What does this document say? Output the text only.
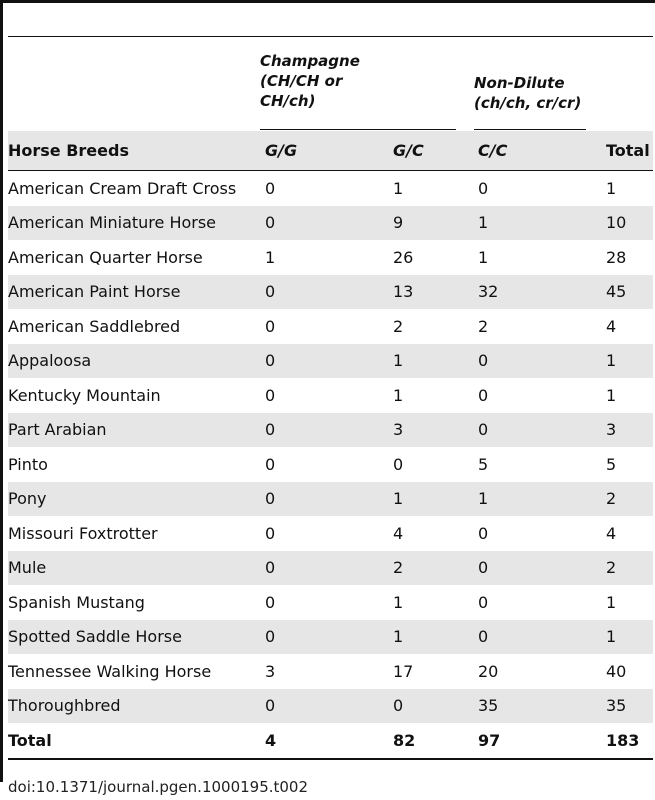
Champagne
(CH/CH or
CH/ch)
Non-Dilute
(ch/ch, cr/cr)
Horse Breeds	G/G	G/C	C/C	Total
American Cream Draft Cross	0	1	0	1
American Miniature Horse	0	9	1	10
American Quarter Horse	1	26	1	28
American Paint Horse	0	13	32	45
American Saddlebred	0	2	2	4
Appaloosa	0	1	0	1
Kentucky Mountain	0	1	0	1
Part Arabian	0	3	0	3
Pinto	0	0	5	5
Pony	0	1	1	2
Missouri Foxtrotter	0	4	0	4
Mule	0	2	0	2
Spanish Mustang	0	1	0	1
Spotted Saddle Horse	0	1	0	1
Tennessee Walking Horse	3	17	20	40
Thoroughbred	0	0	35	35
Total	4	82	97	183
doi:10.1371/journal.pgen.1000195.t002
